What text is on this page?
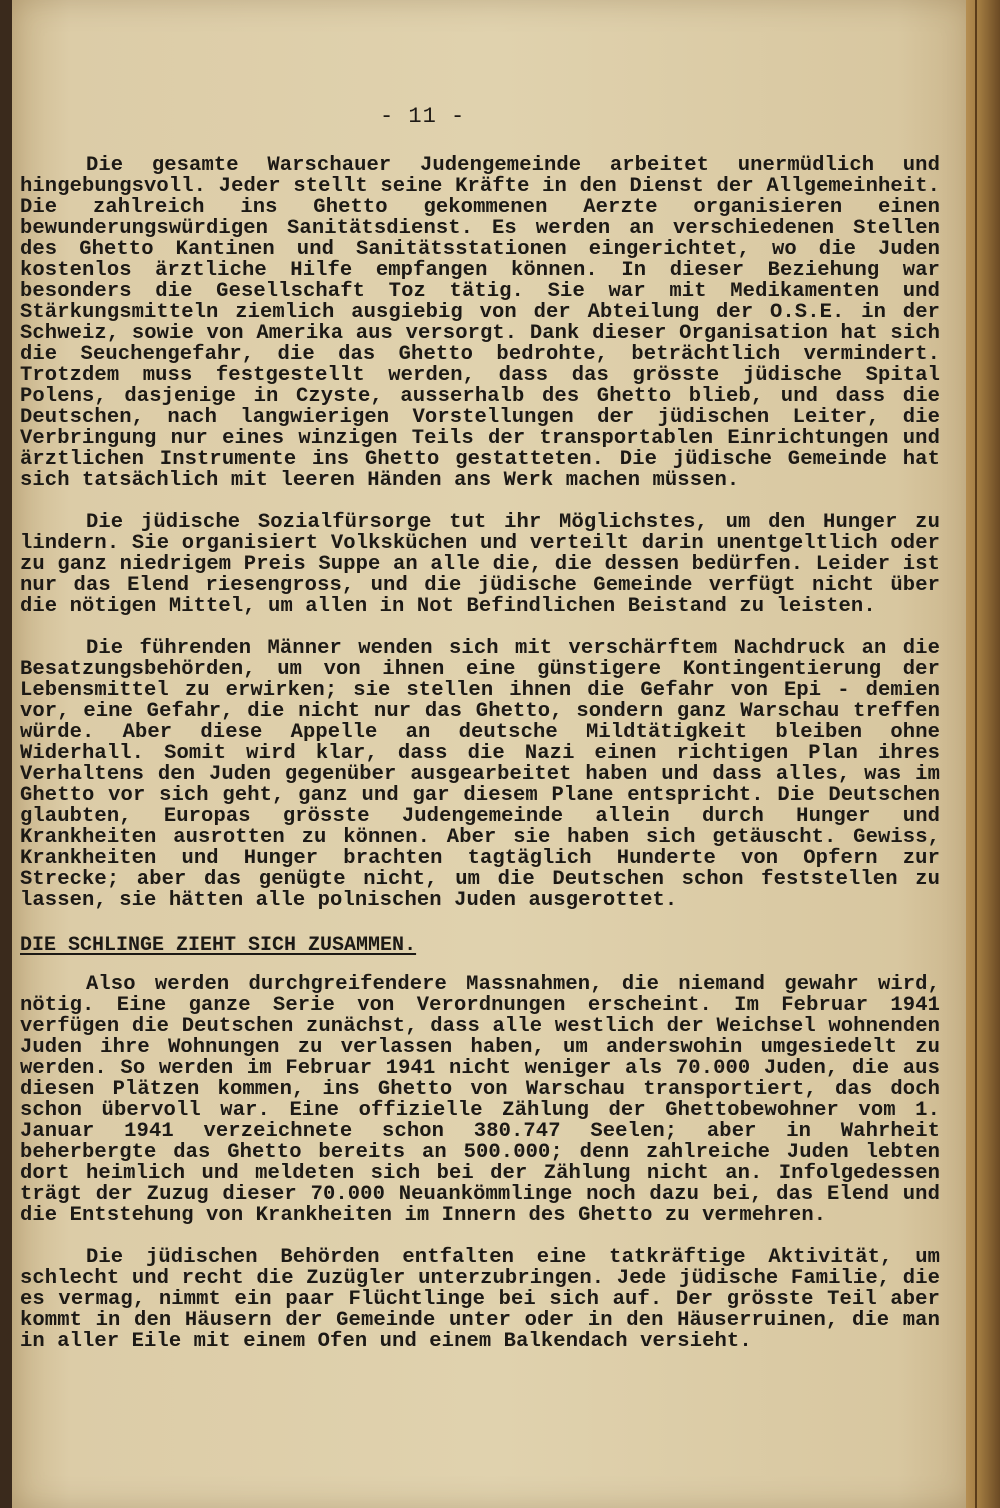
- 11 -

Die gesamte Warschauer Judengemeinde arbeitet unermüdlich und hingebungsvoll. Jeder stellt seine Kräfte in den Dienst der Allgemeinheit. Die zahlreich ins Ghetto gekommenen Aerzte organisieren einen bewunderungswürdigen Sanitätsdienst. Es werden an verschiedenen Stellen des Ghetto Kantinen und Sanitätsstationen eingerichtet, wo die Juden kostenlos ärztliche Hilfe empfangen können. In dieser Beziehung war besonders die Gesellschaft Toz tätig. Sie war mit Medikamenten und Stärkungsmitteln ziemlich ausgiebig von der Abteilung der O.S.E. in der Schweiz, sowie von Amerika aus versorgt. Dank dieser Organisation hat sich die Seuchengefahr, die das Ghetto bedrohte, beträchtlich vermindert. Trotzdem muss festgestellt werden, dass das grösste jüdische Spital Polens, dasjenige in Czyste, ausserhalb des Ghetto blieb, und dass die Deutschen, nach langwierigen Vorstellungen der jüdischen Leiter, die Verbringung nur eines winzigen Teils der transportablen Einrichtungen und ärztlichen Instrumente ins Ghetto gestatteten. Die jüdische Gemeinde hat sich tatsächlich mit leeren Händen ans Werk machen müssen.

Die jüdische Sozialfürsorge tut ihr Möglichstes, um den Hunger zu lindern. Sie organisiert Volksküchen und verteilt darin unentgeltlich oder zu ganz niedrigem Preis Suppe an alle die, die dessen bedürfen. Leider ist nur das Elend riesengross, und die jüdische Gemeinde verfügt nicht über die nötigen Mittel, um allen in Not Befindlichen Beistand zu leisten.

Die führenden Männer wenden sich mit verschärftem Nachdruck an die Besatzungsbehörden, um von ihnen eine günstigere Kontingentierung der Lebensmittel zu erwirken; sie stellen ihnen die Gefahr von Epi - demien vor, eine Gefahr, die nicht nur das Ghetto, sondern ganz Warschau treffen würde. Aber diese Appelle an deutsche Mildtätigkeit bleiben ohne Widerhall. Somit wird klar, dass die Nazi einen richtigen Plan ihres Verhaltens den Juden gegenüber ausgearbeitet haben und dass alles, was im Ghetto vor sich geht, ganz und gar diesem Plane entspricht. Die Deutschen glaubten, Europas grösste Judengemeinde allein durch Hunger und Krankheiten ausrotten zu können. Aber sie haben sich getäuscht. Gewiss, Krankheiten und Hunger brachten tagtäglich Hunderte von Opfern zur Strecke; aber das genügte nicht, um die Deutschen schon feststellen zu lassen, sie hätten alle polnischen Juden ausgerottet.

DIE SCHLINGE ZIEHT SICH ZUSAMMEN.

Also werden durchgreifendere Massnahmen, die niemand gewahr wird, nötig. Eine ganze Serie von Verordnungen erscheint. Im Februar 1941 verfügen die Deutschen zunächst, dass alle westlich der Weichsel wohnenden Juden ihre Wohnungen zu verlassen haben, um anderswohin umgesiedelt zu werden. So werden im Februar 1941 nicht weniger als 70.000 Juden, die aus diesen Plätzen kommen, ins Ghetto von Warschau transportiert, das doch schon übervoll war. Eine offizielle Zählung der Ghettobewohner vom 1. Januar 1941 verzeichnete schon 380.747 Seelen; aber in Wahrheit beherbergte das Ghetto bereits an 500.000; denn zahlreiche Juden lebten dort heimlich und meldeten sich bei der Zählung nicht an. Infolgedessen trägt der Zuzug dieser 70.000 Neuankömmlinge noch dazu bei, das Elend und die Entstehung von Krankheiten im Innern des Ghetto zu vermehren.

Die jüdischen Behörden entfalten eine tatkräftige Aktivität, um schlecht und recht die Zuzügler unterzubringen. Jede jüdische Familie, die es vermag, nimmt ein paar Flüchtlinge bei sich auf. Der grösste Teil aber kommt in den Häusern der Gemeinde unter oder in den Häuserruinen, die man in aller Eile mit einem Ofen und einem Balkendach versieht.
